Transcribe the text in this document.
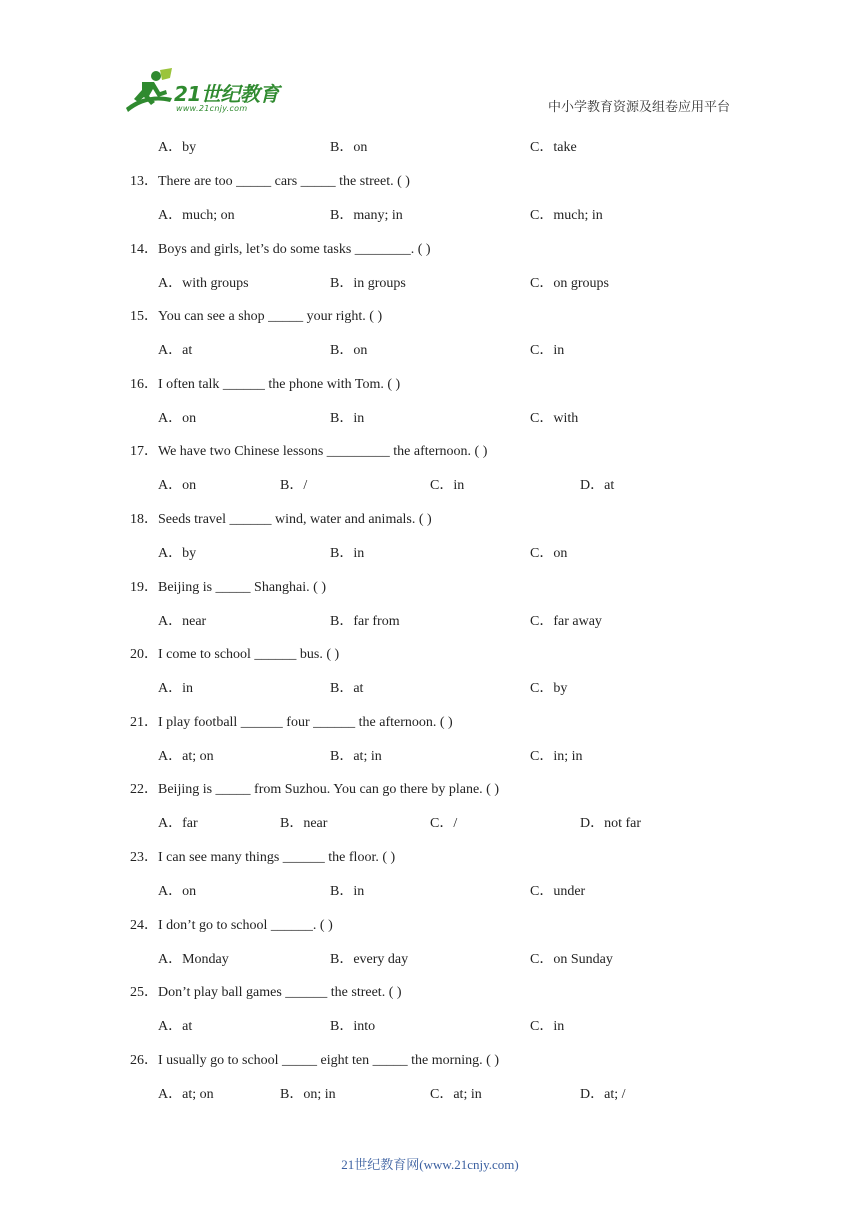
21世纪教育
www.21cnjy.com	中小学教育资源及组卷应用平台
A．by	B．on	C．take
13．There are too _____ cars _____ the street. ( )
A．much; on	B．many; in	C．much; in
14．Boys and girls, let’s do some tasks ________. ( )
A．with groups	B．in groups	C．on groups
15．You can see a shop _____ your right. ( )
A．at	B．on	C．in
16．I often talk ______ the phone with Tom. ( )
A．on	B．in	C．with
17．We have two Chinese lessons _________ the afternoon. ( )
A．on	B．/	C．in	D．at
18．Seeds travel ______ wind, water and animals. ( )
A．by	B．in	C．on
19．Beijing is _____ Shanghai. ( )
A．near	B．far from	C．far away
20．I come to school ______ bus. ( )
A．in	B．at	C．by
21．I play football ______ four ______ the afternoon. ( )
A．at; on	B．at; in	C．in; in
22．Beijing is _____ from Suzhou. You can go there by plane. ( )
A．far	B．near	C．/	D．not far
23．I can see many things ______ the floor. ( )
A．on	B．in	C．under
24．I don’t go to school ______. ( )
A．Monday	B．every day	C．on Sunday
25．Don’t play ball games ______ the street. ( )
A．at	B．into	C．in
26．I usually go to school _____ eight ten _____ the morning. ( )
A．at; on	B．on; in	C．at; in	D．at; /
21世纪教育网(www.21cnjy.com)
